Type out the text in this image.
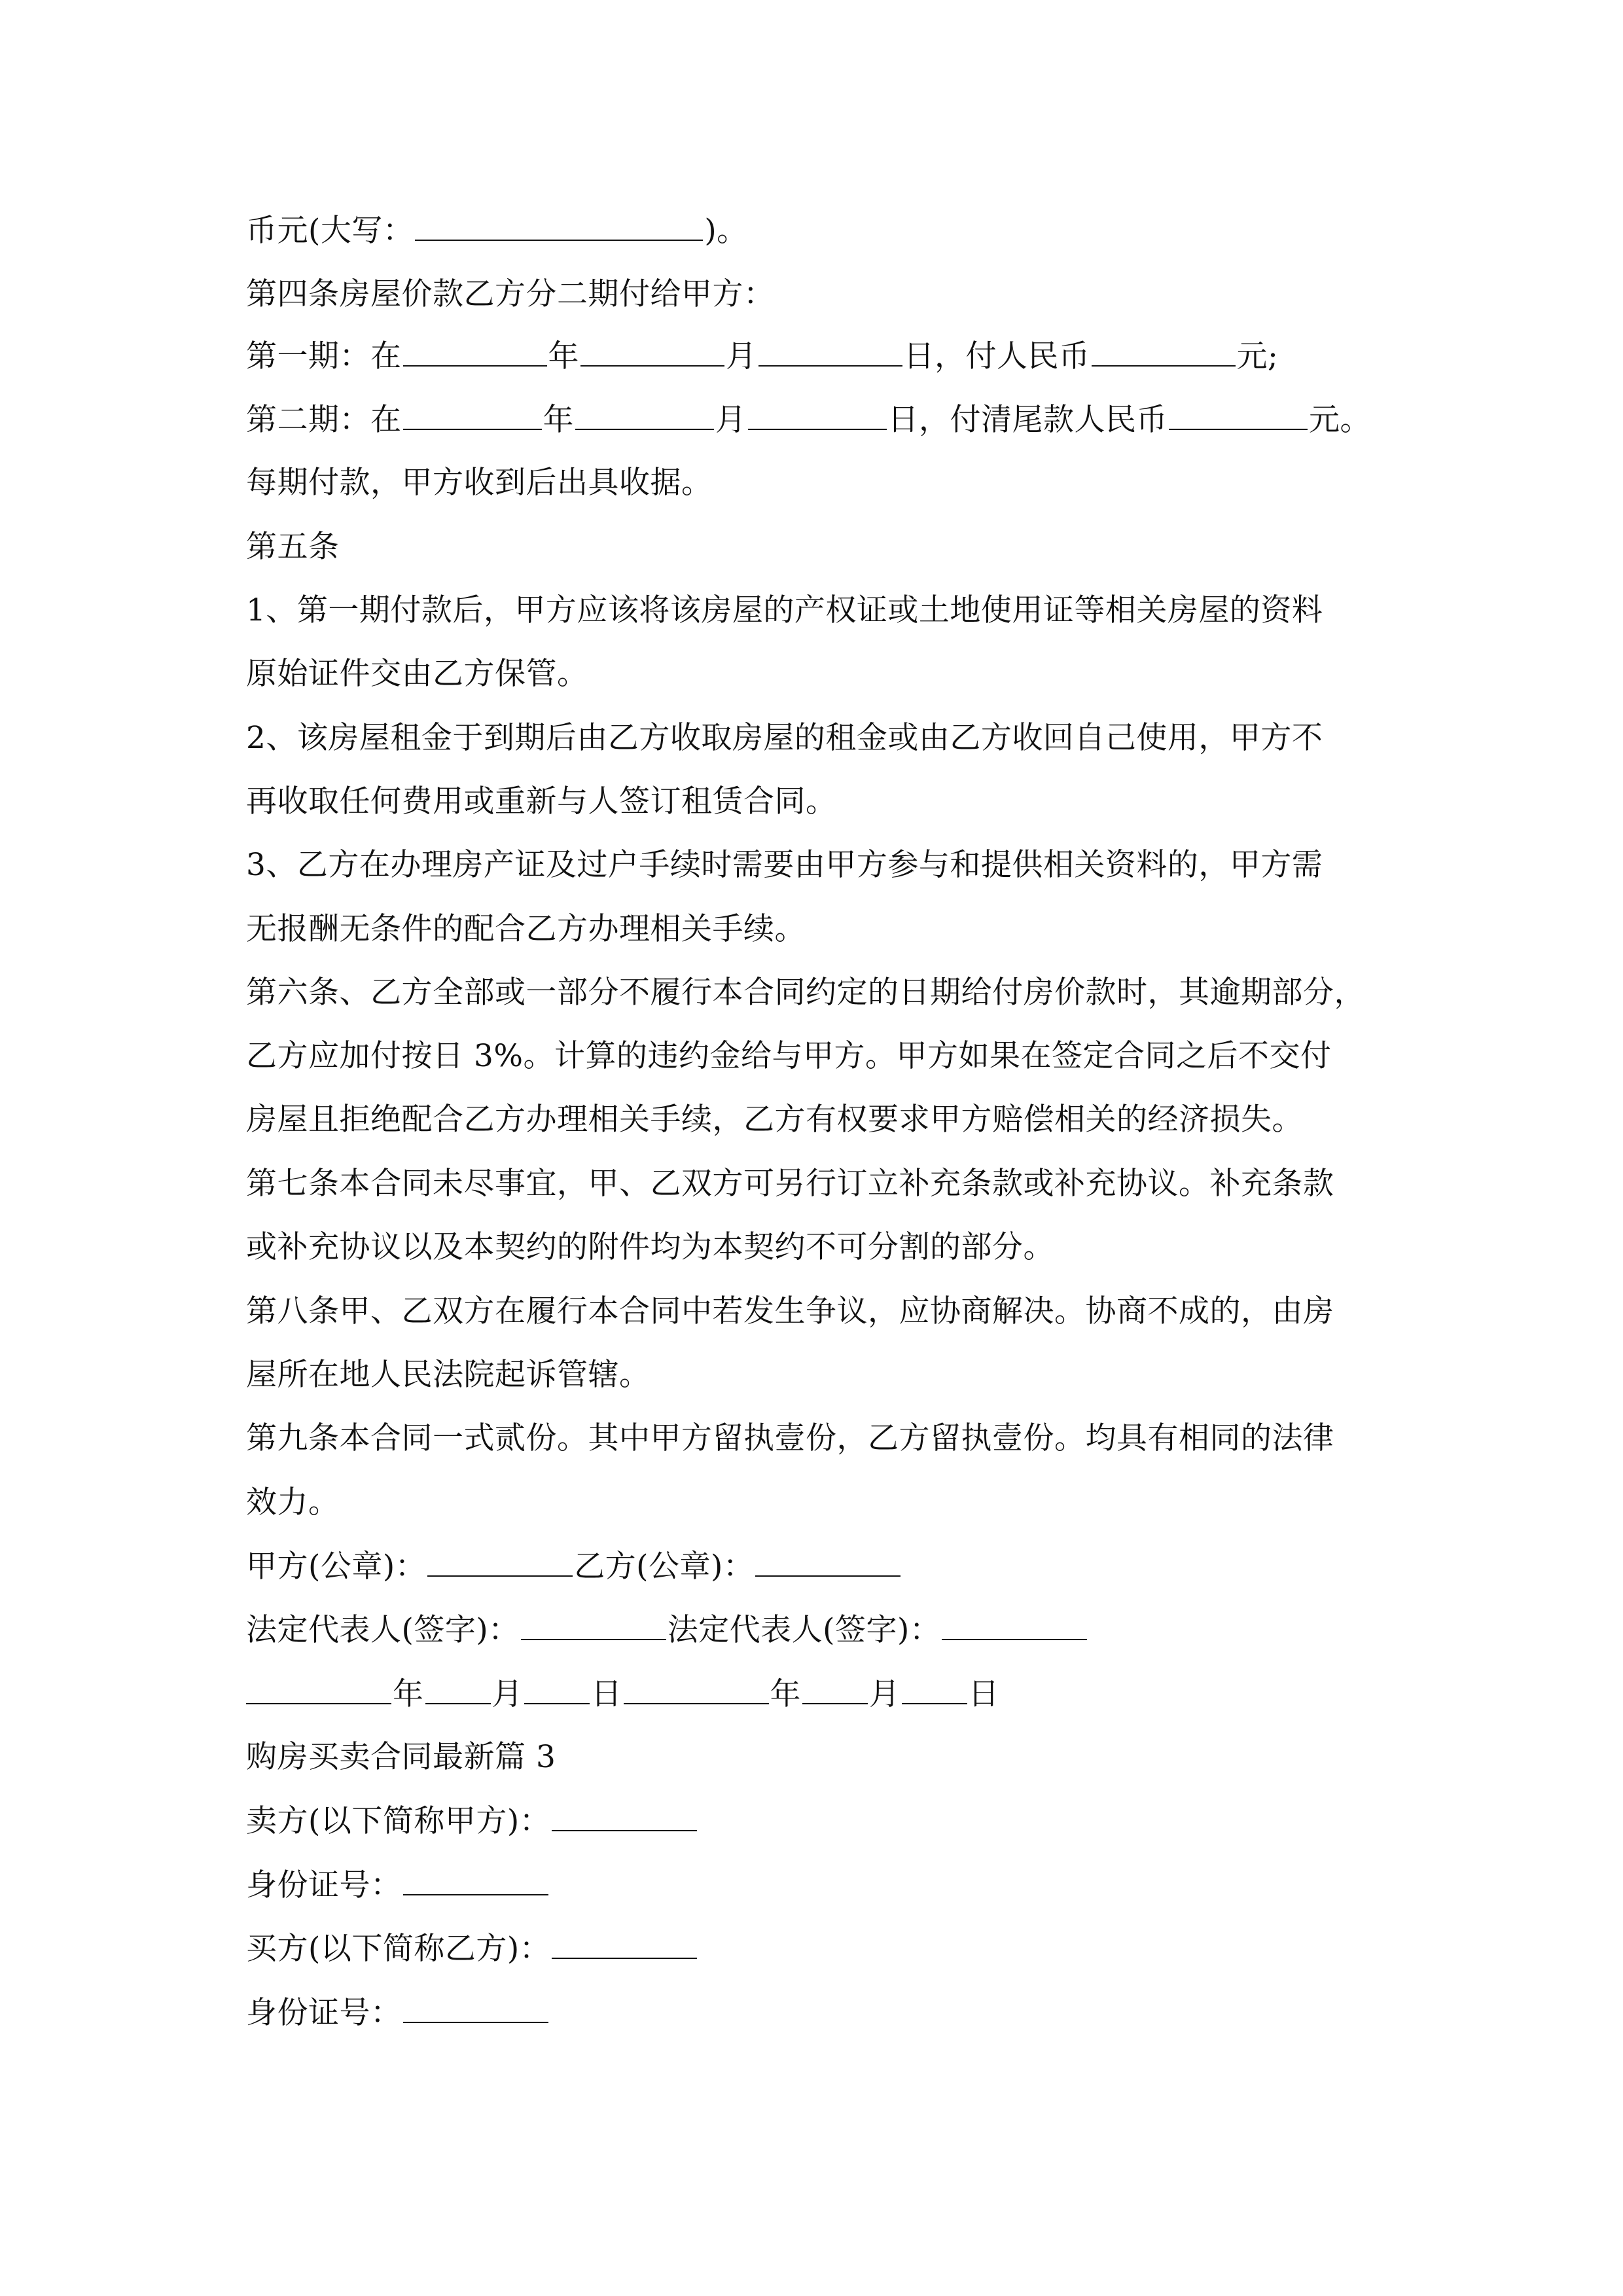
币元(大写：	)。
第四条房屋价款乙方分二期付给甲方：
第一期：在	年	月	日，付人民币	元;
第二期：在	年	月	日，付清尾款人民币	元。
每期付款，甲方收到后出具收据。
第五条
1、第一期付款后，甲方应该将该房屋的产权证或土地使用证等相关房屋的资料
原始证件交由乙方保管。
2、该房屋租金于到期后由乙方收取房屋的租金或由乙方收回自己使用，甲方不
再收取任何费用或重新与人签订租赁合同。
3、乙方在办理房产证及过户手续时需要由甲方参与和提供相关资料的，甲方需
无报酬无条件的配合乙方办理相关手续。
第六条、乙方全部或一部分不履行本合同约定的日期给付房价款时，其逾期部分，
乙方应加付按日 3%。计算的违约金给与甲方。甲方如果在签定合同之后不交付
房屋且拒绝配合乙方办理相关手续，乙方有权要求甲方赔偿相关的经济损失。
第七条本合同未尽事宜，甲、乙双方可另行订立补充条款或补充协议。补充条款
或补充协议以及本契约的附件均为本契约不可分割的部分。
第八条甲、乙双方在履行本合同中若发生争议，应协商解决。协商不成的，由房
屋所在地人民法院起诉管辖。
第九条本合同一式贰份。其中甲方留执壹份，乙方留执壹份。均具有相同的法律
效力。
甲方(公章)：	乙方(公章)：
法定代表人(签字)：	法定代表人(签字)：
年 月 日	年 月 日
购房买卖合同最新篇 3
卖方(以下简称甲方)：
身份证号：
买方(以下简称乙方)：
身份证号：
